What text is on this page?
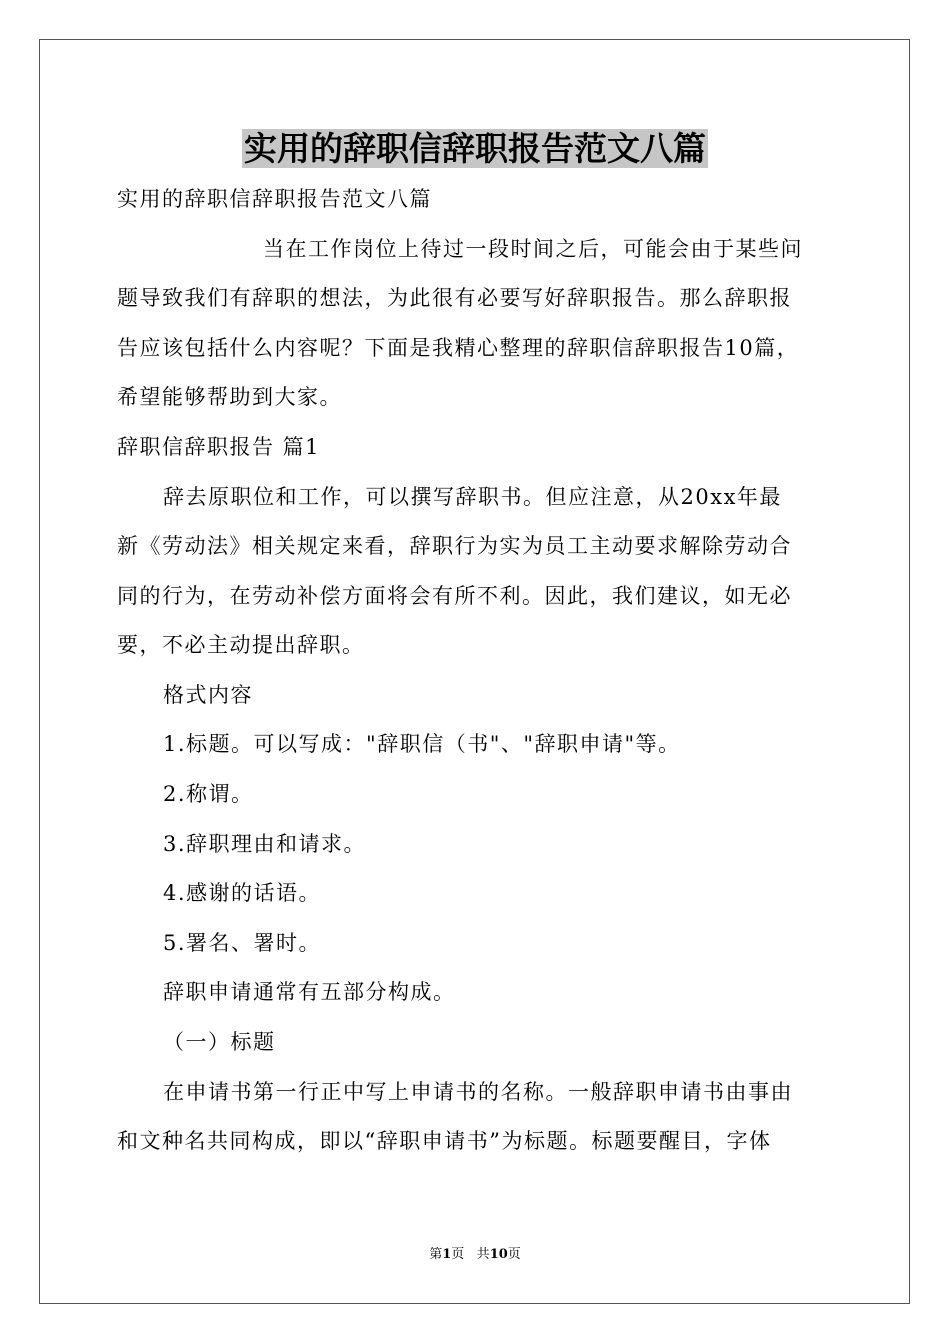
实用的辞职信辞职报告范文八篇
实用的辞职信辞职报告范文八篇
当在工作岗位上待过一段时间之后，可能会由于某些问
题导致我们有辞职的想法，为此很有必要写好辞职报告。那么辞职报
告应该包括什么内容呢？下面是我精心整理的辞职信辞职报告10篇，
希望能够帮助到大家。
辞职信辞职报告 篇1
辞去原职位和工作，可以撰写辞职书。但应注意，从20xx年最
新《劳动法》相关规定来看，辞职行为实为员工主动要求解除劳动合
同的行为，在劳动补偿方面将会有所不利。因此，我们建议，如无必
要，不必主动提出辞职。
格式内容
1.标题。可以写成："辞职信（书"、"辞职申请"等。
2.称谓。
3.辞职理由和请求。
4.感谢的话语。
5.署名、署时。
辞职申请通常有五部分构成。
（一）标题
在申请书第一行正中写上申请书的名称。一般辞职申请书由事由
和文种名共同构成，即以“辞职申请书”为标题。标题要醒目，字体
第1页 共10页
